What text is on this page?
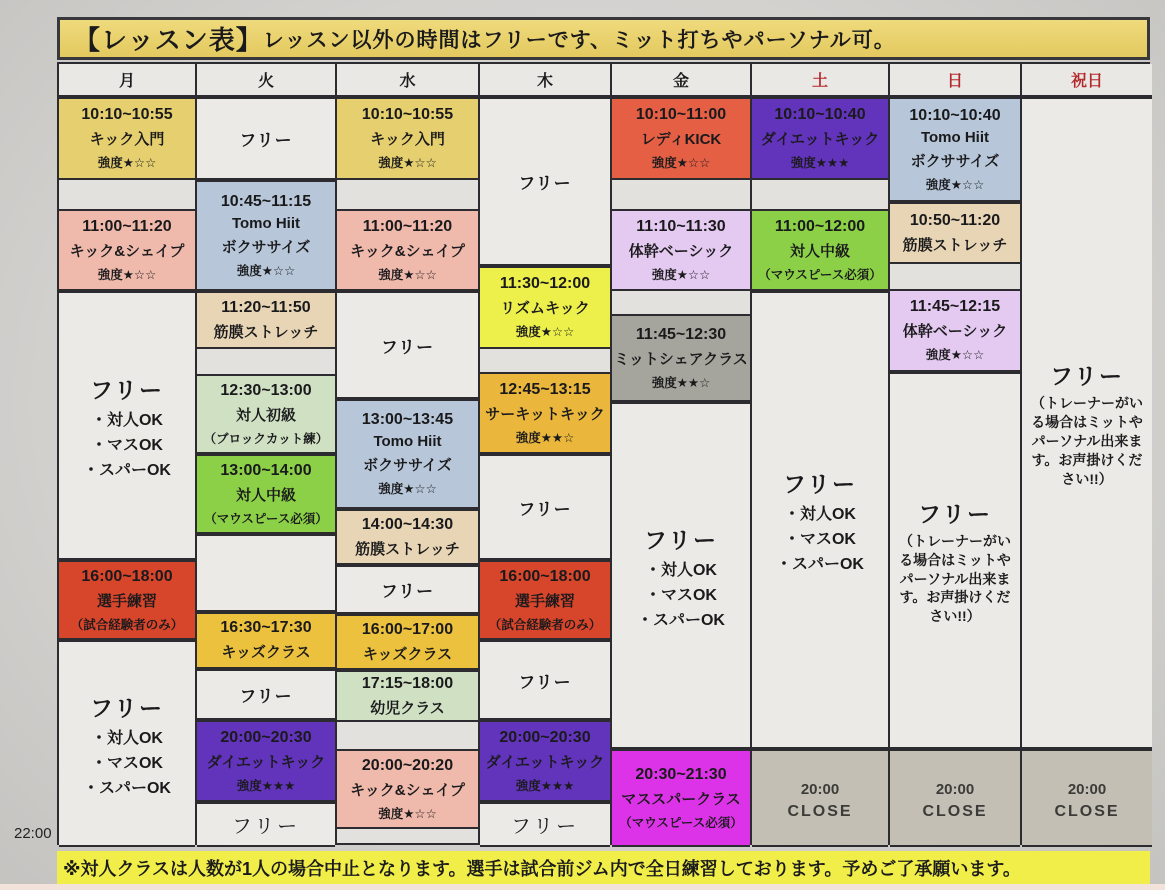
【レッスン表】 レッスン以外の時間はフリーです、ミット打ちやパーソナル可。
月
10:10~10:55
キック入門
強度★☆☆
11:00~11:20
キック&シェイプ
強度★☆☆
フリー
・対人OK
・マスOK
・スパーOK
16:00~18:00
選手練習
（試合経験者のみ）
フリー
・対人OK
・マスOK
・スパーOK
火
フリー
10:45~11:15
Tomo Hiit
ボクササイズ
強度★☆☆
11:20~11:50
筋膜ストレッチ
12:30~13:00
対人初級
（ブロックカット練）
13:00~14:00
対人中級
（マウスピース必須）
16:30~17:30
キッズクラス
フリー
20:00~20:30
ダイエットキック
強度★★★
フリー
水
10:10~10:55
キック入門
強度★☆☆
11:00~11:20
キック&シェイプ
強度★☆☆
フリー
13:00~13:45
Tomo Hiit
ボクササイズ
強度★☆☆
14:00~14:30
筋膜ストレッチ
フリー
16:00~17:00
キッズクラス
17:15~18:00
幼児クラス
20:00~20:20
キック&シェイプ
強度★☆☆
木
フリー
11:30~12:00
リズムキック
強度★☆☆
12:45~13:15
サーキットキック
強度★★☆
フリー
16:00~18:00
選手練習
（試合経験者のみ）
フリー
20:00~20:30
ダイエットキック
強度★★★
フリー
金
10:10~11:00
レディKICK
強度★☆☆
11:10~11:30
体幹ベーシック
強度★☆☆
11:45~12:30
ミットシェアクラス
強度★★☆
フリー
・対人OK
・マスOK
・スパーOK
20:30~21:30
マススパークラス
（マウスピース必須）
土
10:10~10:40
ダイエットキック
強度★★★
11:00~12:00
対人中級
（マウスピース必須）
フリー
・対人OK
・マスOK
・スパーOK
20:00
CLOSE
日
10:10~10:40
Tomo Hiit
ボクササイズ
強度★☆☆
10:50~11:20
筋膜ストレッチ
11:45~12:15
体幹ベーシック
強度★☆☆
フリー
（トレーナーがいる場合はミットやパーソナル出来ます。お声掛けください!!）
20:00
CLOSE
祝日
フリー
（トレーナーがいる場合はミットやパーソナル出来ます。お声掛けください!!）
20:00
CLOSE
22:00
※対人クラスは人数が1人の場合中止となります。選手は試合前ジム内で全日練習しております。予めご了承願います。
